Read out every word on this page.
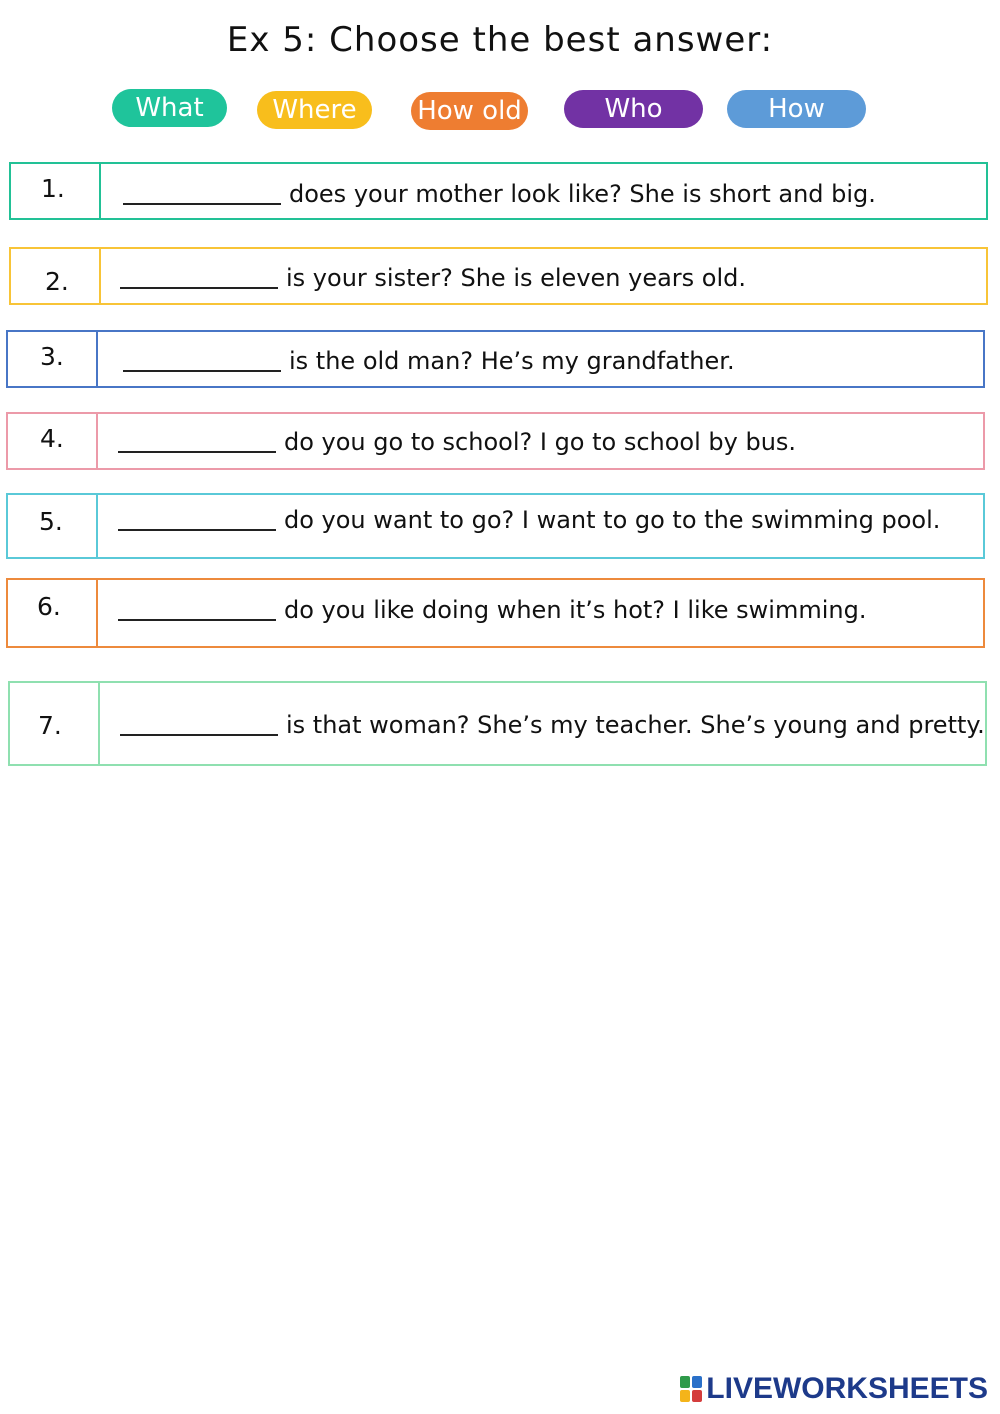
Ex 5: Choose the best answer:
What	Where	How old	Who	How
1.	does your mother look like? She is short and big.
2.	is your sister? She is eleven years old.
3.	is the old man? He’s my grandfather.
4.	do you go to school? I go to school by bus.
5.	do you want to go? I want to go to the swimming pool.
6.	do you like doing when it’s hot? I like swimming.
7.	is that woman? She’s my teacher. She’s young and pretty.
LIVEWORKSHEETS
